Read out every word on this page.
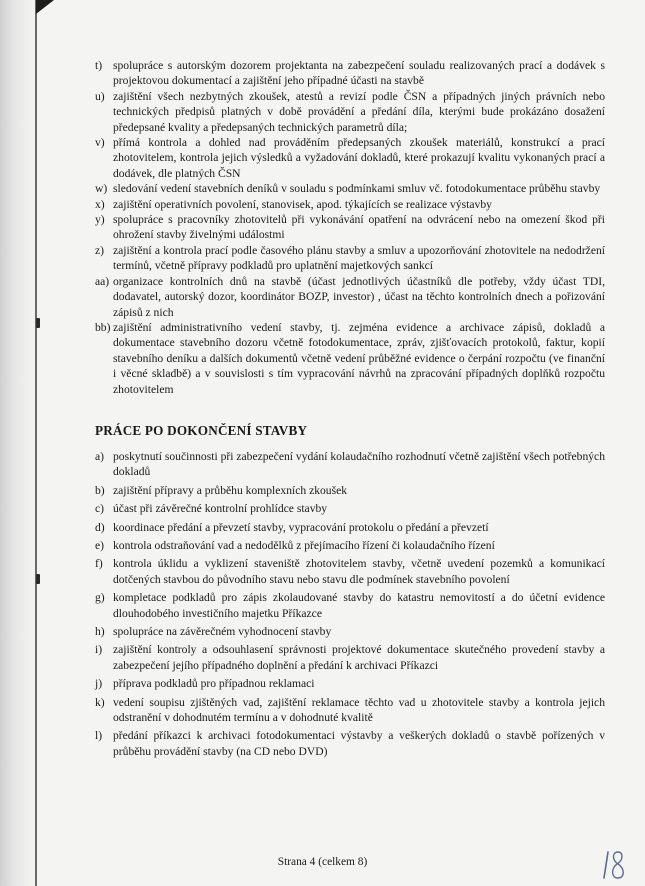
t) spolupráce s autorským dozorem projektanta na zabezpečení souladu realizovaných prací a dodávek s projektovou dokumentací a zajištění jeho případné účasti na stavbě
u) zajištění všech nezbytných zkoušek, atestů a revizí podle ČSN a případných jiných právních nebo technických předpisů platných v době provádění a předání díla, kterými bude prokázáno dosažení předepsané kvality a předepsaných technických parametrů díla;
v) přímá kontrola a dohled nad prováděním předepsaných zkoušek materiálů, konstrukcí a prací zhotovitelem, kontrola jejich výsledků a vyžadování dokladů, které prokazují kvalitu vykonaných prací a dodávek, dle platných ČSN
w) sledování vedení stavebních deníků v souladu s podmínkami smluv vč. fotodokumentace průběhu stavby
x) zajištění operativních povolení, stanovisek, apod. týkajících se realizace výstavby
y) spolupráce s pracovníky zhotovitelů při vykonávání opatření na odvrácení nebo na omezení škod při ohrožení stavby živelnými událostmi
z) zajištění a kontrola prací podle časového plánu stavby a smluv a upozorňování zhotovitele na nedodržení termínů, včetně přípravy podkladů pro uplatnění majetkových sankcí
aa) organizace kontrolních dnů na stavbě (účast jednotlivých účastníků dle potřeby, vždy účast TDI, dodavatel, autorský dozor, koordinátor BOZP, investor) , účast na těchto kontrolních dnech a pořizování zápisů z nich
bb) zajištění administrativního vedení stavby, tj. zejména evidence a archivace zápisů, dokladů a dokumentace stavebního dozoru včetně fotodokumentace, zpráv, zjišťovacích protokolů, faktur, kopií stavebního deníku a dalších dokumentů včetně vedení průběžné evidence o čerpání rozpočtu (ve finanční i věcné skladbě) a v souvislosti s tím vypracování návrhů na zpracování případných doplňků rozpočtu zhotovitelem
PRÁCE PO DOKONČENÍ STAVBY
a) poskytnutí součinnosti při zabezpečení vydání kolaudačního rozhodnutí včetně zajištění všech potřebných dokladů
b) zajištění přípravy a průběhu komplexních zkoušek
c) účast při závěrečné kontrolní prohlídce stavby
d) koordinace předání a převzetí stavby, vypracování protokolu o předání a převzetí
e) kontrola odstraňování vad a nedodělků z přejímacího řízení či kolaudačního řízení
f) kontrola úklidu a vyklizení staveniště zhotovitelem stavby, včetně uvedení pozemků a komunikací dotčených stavbou do původního stavu nebo stavu dle podmínek stavebního povolení
g) kompletace podkladů pro zápis zkolaudované stavby do katastru nemovitostí a do účetní evidence dlouhodobého investičního majetku Příkazce
h) spolupráce na závěrečném vyhodnocení stavby
i) zajištění kontroly a odsouhlasení správnosti projektové dokumentace skutečného provedení stavby a zabezpečení jejího případného doplnění a předání k archivaci Příkazci
j) příprava podkladů pro případnou reklamaci
k) vedení soupisu zjištěných vad, zajištění reklamace těchto vad u zhotovitele stavby a kontrola jejich odstranění v dohodnutém termínu a v dohodnuté kvalitě
l) předání příkazci k archivaci fotodokumentaci výstavby a veškerých dokladů o stavbě pořízených v průběhu provádění stavby (na CD nebo DVD)
Strana 4 (celkem 8)
